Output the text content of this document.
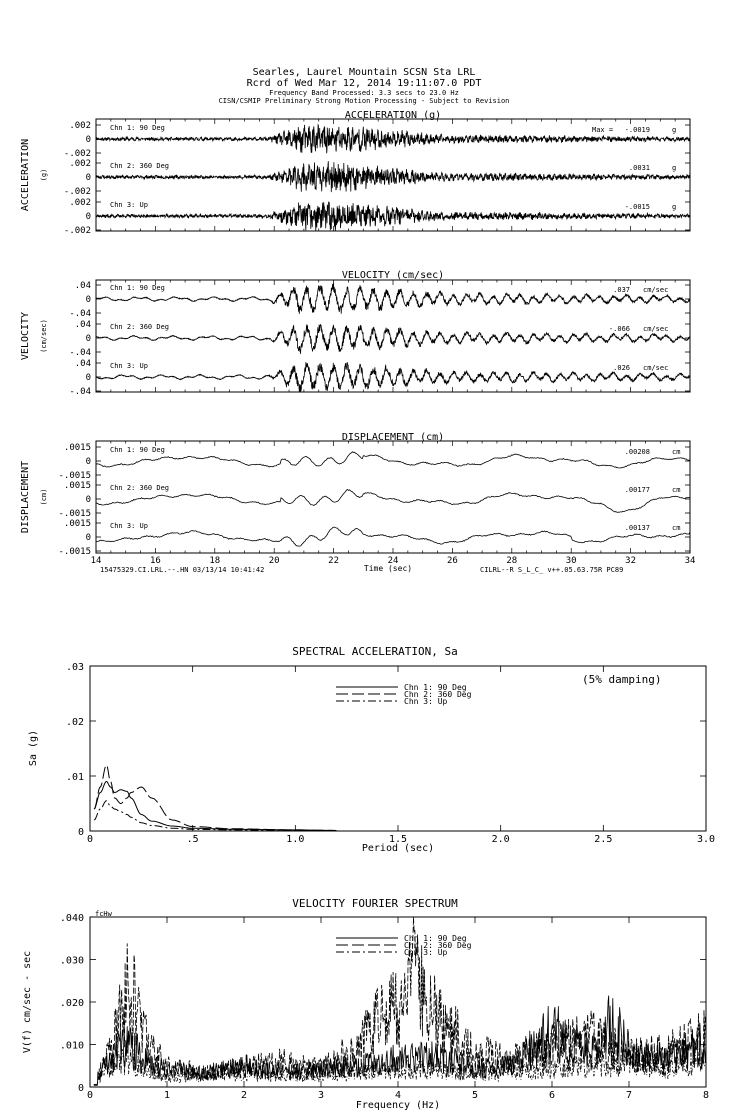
Searles, Laurel Mountain SCSN Sta LRL
Rcrd of Wed Mar 12, 2014 19:11:07.0 PDT
Frequency Band Processed: 3.3 secs to 23.0 Hz
CISN/CSMIP Preliminary Strong Motion Processing - Subject to Revision
ACCELERATION (g)
ACCELERATION (g)
.002
0
-.002
Chn 1: 90 Deg	Max = -.0019	g
.002
0
-.002
Chn 2: 360 Deg	.0031	g
.002
0
-.002
Chn 3: Up	-.0015	g
VELOCITY (cm/sec)
VELOCITY (cm/sec)
.04
0
-.04
Chn 1: 90 Deg	.037 cm/sec
.04
0
-.04
Chn 2: 360 Deg	-.066 cm/sec
.04
0
-.04
Chn 3: Up	.026 cm/sec
DISPLACEMENT (cm)
DISPLACEMENT (cm)
.0015
0
-.0015
Chn 1: 90 Deg	.00208	cm
.0015
0
-.0015
Chn 2: 360 Deg	.00177	cm
.0015
0
-.0015
Chn 3: Up	.00137	cm
15475329.CI.LRL.--.HN 03/13/14 10:41:42	Time (sec)	CILRL--R S_L_C_ v++.05.63.75R PC89
14	16	18	20	22	24	26	28	30	32	34
SPECTRAL ACCELERATION, Sa
(5% damping)
Sa (g)
Period (sec)
0	.5	1.0	1.5	2.0	2.5	3.0
0
.01
.02
.03
Chn 1: 90 Deg
Chn 2: 360 Deg
Chn 3: Up
VELOCITY FOURIER SPECTRUM
fcH̰w
V(f) cm/sec - sec
Frequency (Hz)
0	1	2	3	4	5	6	7	8
0
.010
.020
.030
.040
Chn 1: 90 Deg
Chn 2: 360 Deg
Chn 3: Up
